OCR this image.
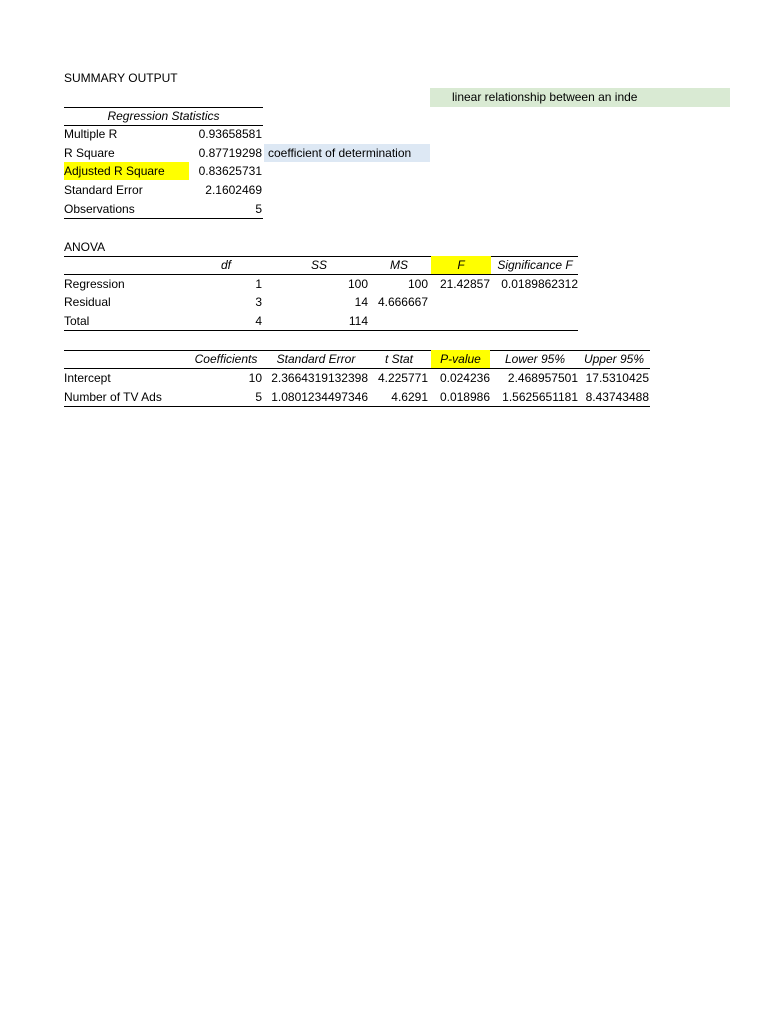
SUMMARY OUTPUT
linear relationship between an inde
Regression Statistics
Multiple R	0.93658581
R Square	0.87719298 coefficient of determination
Adjusted R Square	0.83625731
Standard Error	2.1602469
Observations	5
ANOVA
df	SS	MS	F	Significance F
Regression	1	100	100 21.42857 0.0189862312
Residual	3	14 4.666667
Total	4	114
Coefficients	Standard Error	t Stat	P-value	Lower 95%	Upper 95%
Intercept	10 2.3664319132398 4.225771 0.024236	2.468957501 17.5310425
Number of TV Ads	5 1.0801234497346	4.6291 0.018986	1.5625651181 8.43743488
